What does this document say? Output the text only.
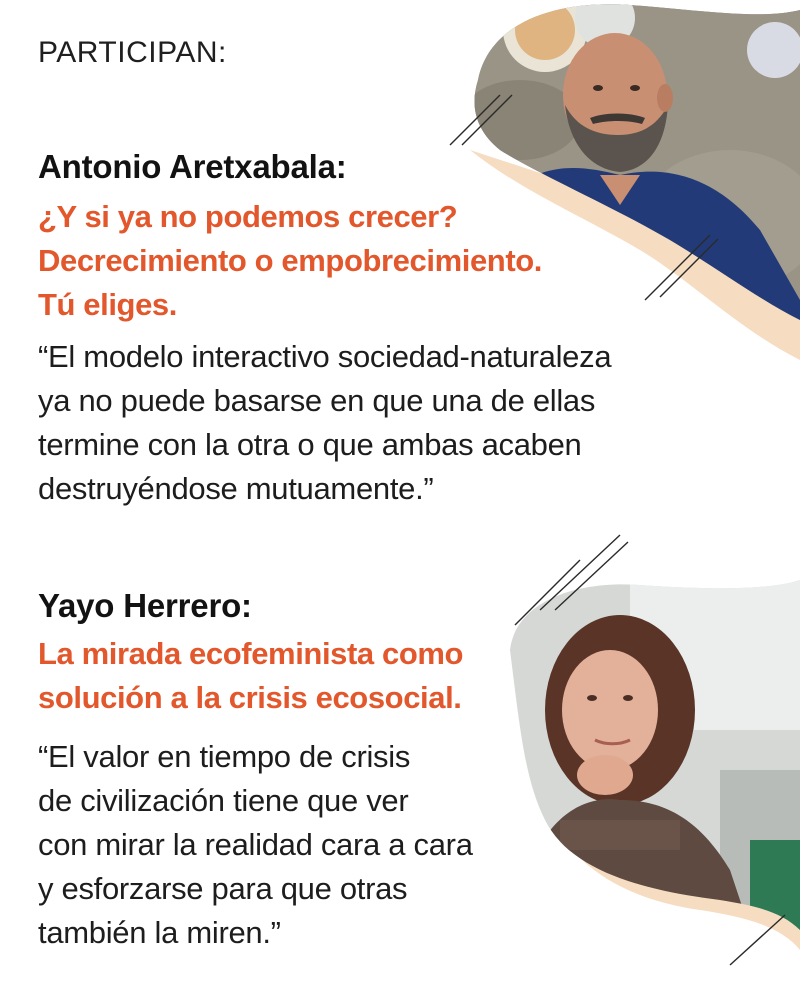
PARTICIPAN:
Antonio Aretxabala:
¿Y si ya no podemos crecer?
Decrecimiento o empobrecimiento.
Tú eliges.
“El modelo interactivo sociedad-naturaleza
ya no puede basarse en que una de ellas
termine con la otra o que ambas acaben
destruyéndose mutuamente.”
Yayo Herrero:
La mirada ecofeminista como
solución a la crisis ecosocial.
“El valor en tiempo de crisis
de civilización tiene que ver
con mirar la realidad cara a cara
y esforzarse para que otras
también la miren.”
